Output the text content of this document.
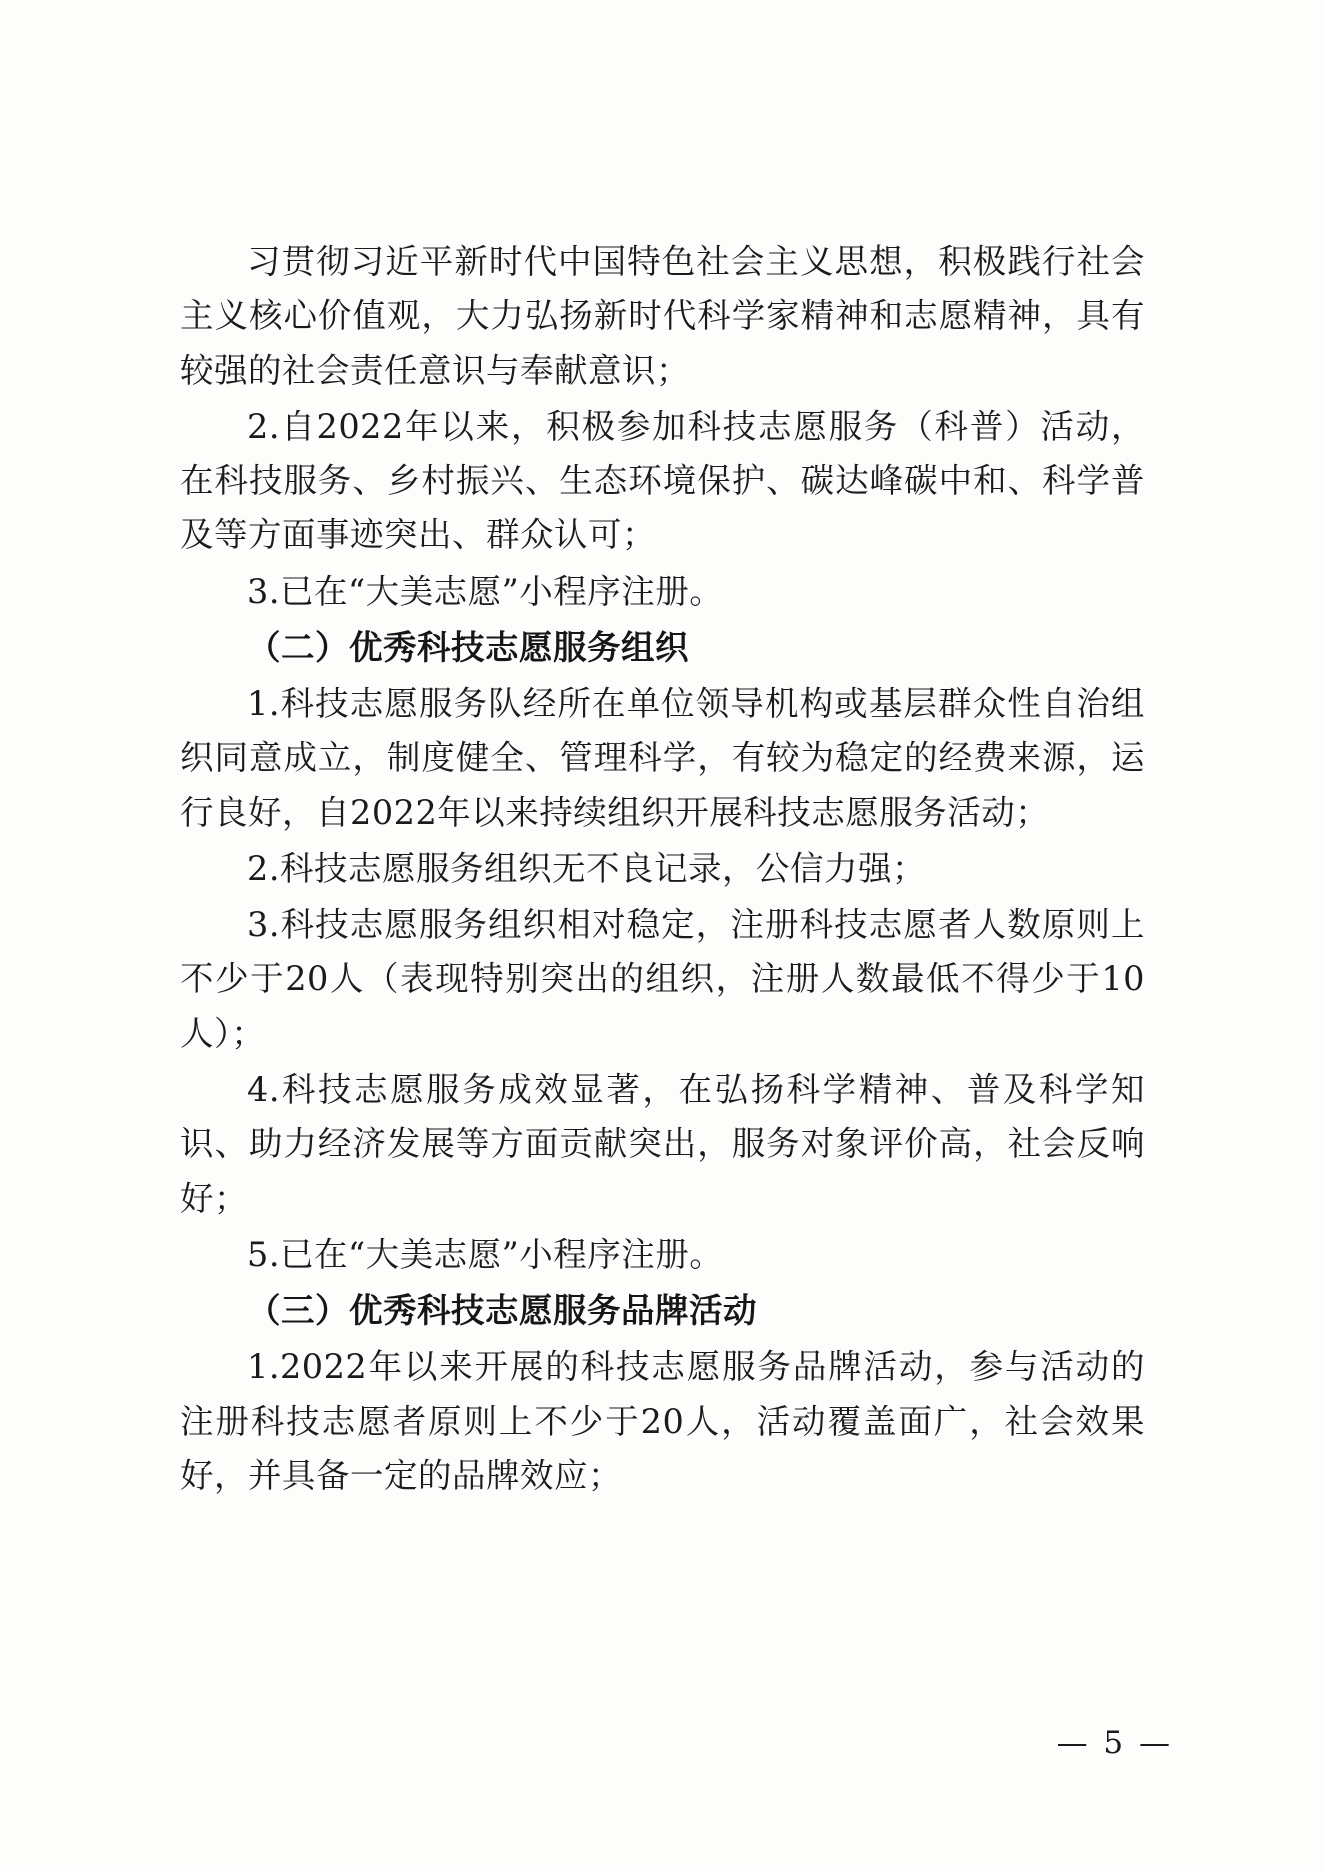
习贯彻习近平新时代中国特色社会主义思想，积极践行社会主义核心价值观，大力弘扬新时代科学家精神和志愿精神，具有较强的社会责任意识与奉献意识；

2.自2022年以来，积极参加科技志愿服务（科普）活动，在科技服务、乡村振兴、生态环境保护、碳达峰碳中和、科学普及等方面事迹突出、群众认可；

3.已在“大美志愿”小程序注册。

（二）优秀科技志愿服务组织

1.科技志愿服务队经所在单位领导机构或基层群众性自治组织同意成立，制度健全、管理科学，有较为稳定的经费来源，运行良好，自2022年以来持续组织开展科技志愿服务活动；

2.科技志愿服务组织无不良记录，公信力强；

3.科技志愿服务组织相对稳定，注册科技志愿者人数原则上不少于20人（表现特别突出的组织，注册人数最低不得少于10人）；

4.科技志愿服务成效显著，在弘扬科学精神、普及科学知识、助力经济发展等方面贡献突出，服务对象评价高，社会反响好；

5.已在“大美志愿”小程序注册。

（三）优秀科技志愿服务品牌活动

1.2022年以来开展的科技志愿服务品牌活动，参与活动的注册科技志愿者原则上不少于20人，活动覆盖面广，社会效果好，并具备一定的品牌效应；

— 5 —
